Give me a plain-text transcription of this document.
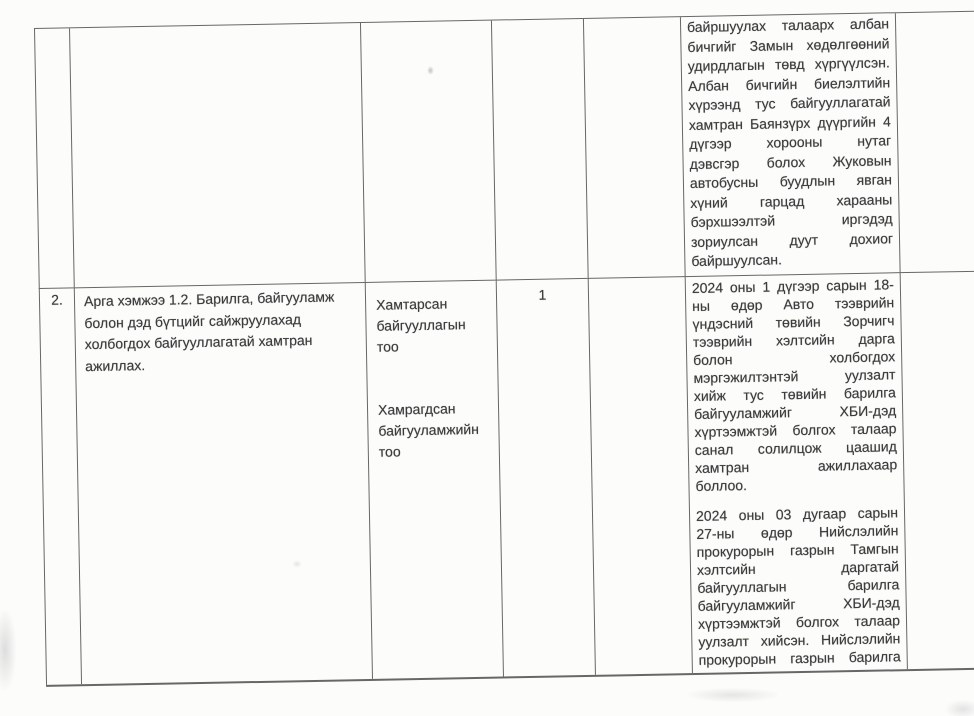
байршуулах талаарх албан
бичгийг Замын хөдөлгөөний
удирдлагын төвд хүргүүлсэн.
Албан бичгийн биелэлтийн
хүрээнд тус байгууллагатай
хамтран Баянзүрх дүүргийн 4
дүгээр хорооны нутаг
дэвсгэр болох Жуковын
автобусны буудлын явган
хүний гарцад харааны
бэрхшээлтэй иргэдэд
зориулсан дуут дохиог
байршуулсан.
2.	Арга хэмжээ 1.2. Барилга, байгууламж
болон дэд бүтцийг сайжруулахад
холбогдох байгууллагатай хамтран
ажиллах.
Хамтарсан
байгууллагын
тоо
Хамрагдсан
байгууламжийн
тоо
1	2024 оны 1 дүгээр сарын 18-
ны өдөр Авто тээврийн
үндэсний төвийн Зорчигч
тээврийн хэлтсийн дарга
болон холбогдох
мэргэжилтэнтэй уулзалт
хийж тус төвийн барилга
байгууламжийг ХБИ-дэд
хүртээмжтэй болгох талаар
санал солилцож цаашид
хамтран ажиллахаар
боллоо.
2024 оны 03 дугаар сарын
27-ны өдөр Нийслэлийн
прокурорын газрын Тамгын
хэлтсийн даргатай
байгууллагын барилга
байгууламжийг ХБИ-дэд
хүртээмжтэй болгох талаар
уулзалт хийсэн. Нийслэлийн
прокурорын газрын барилга
